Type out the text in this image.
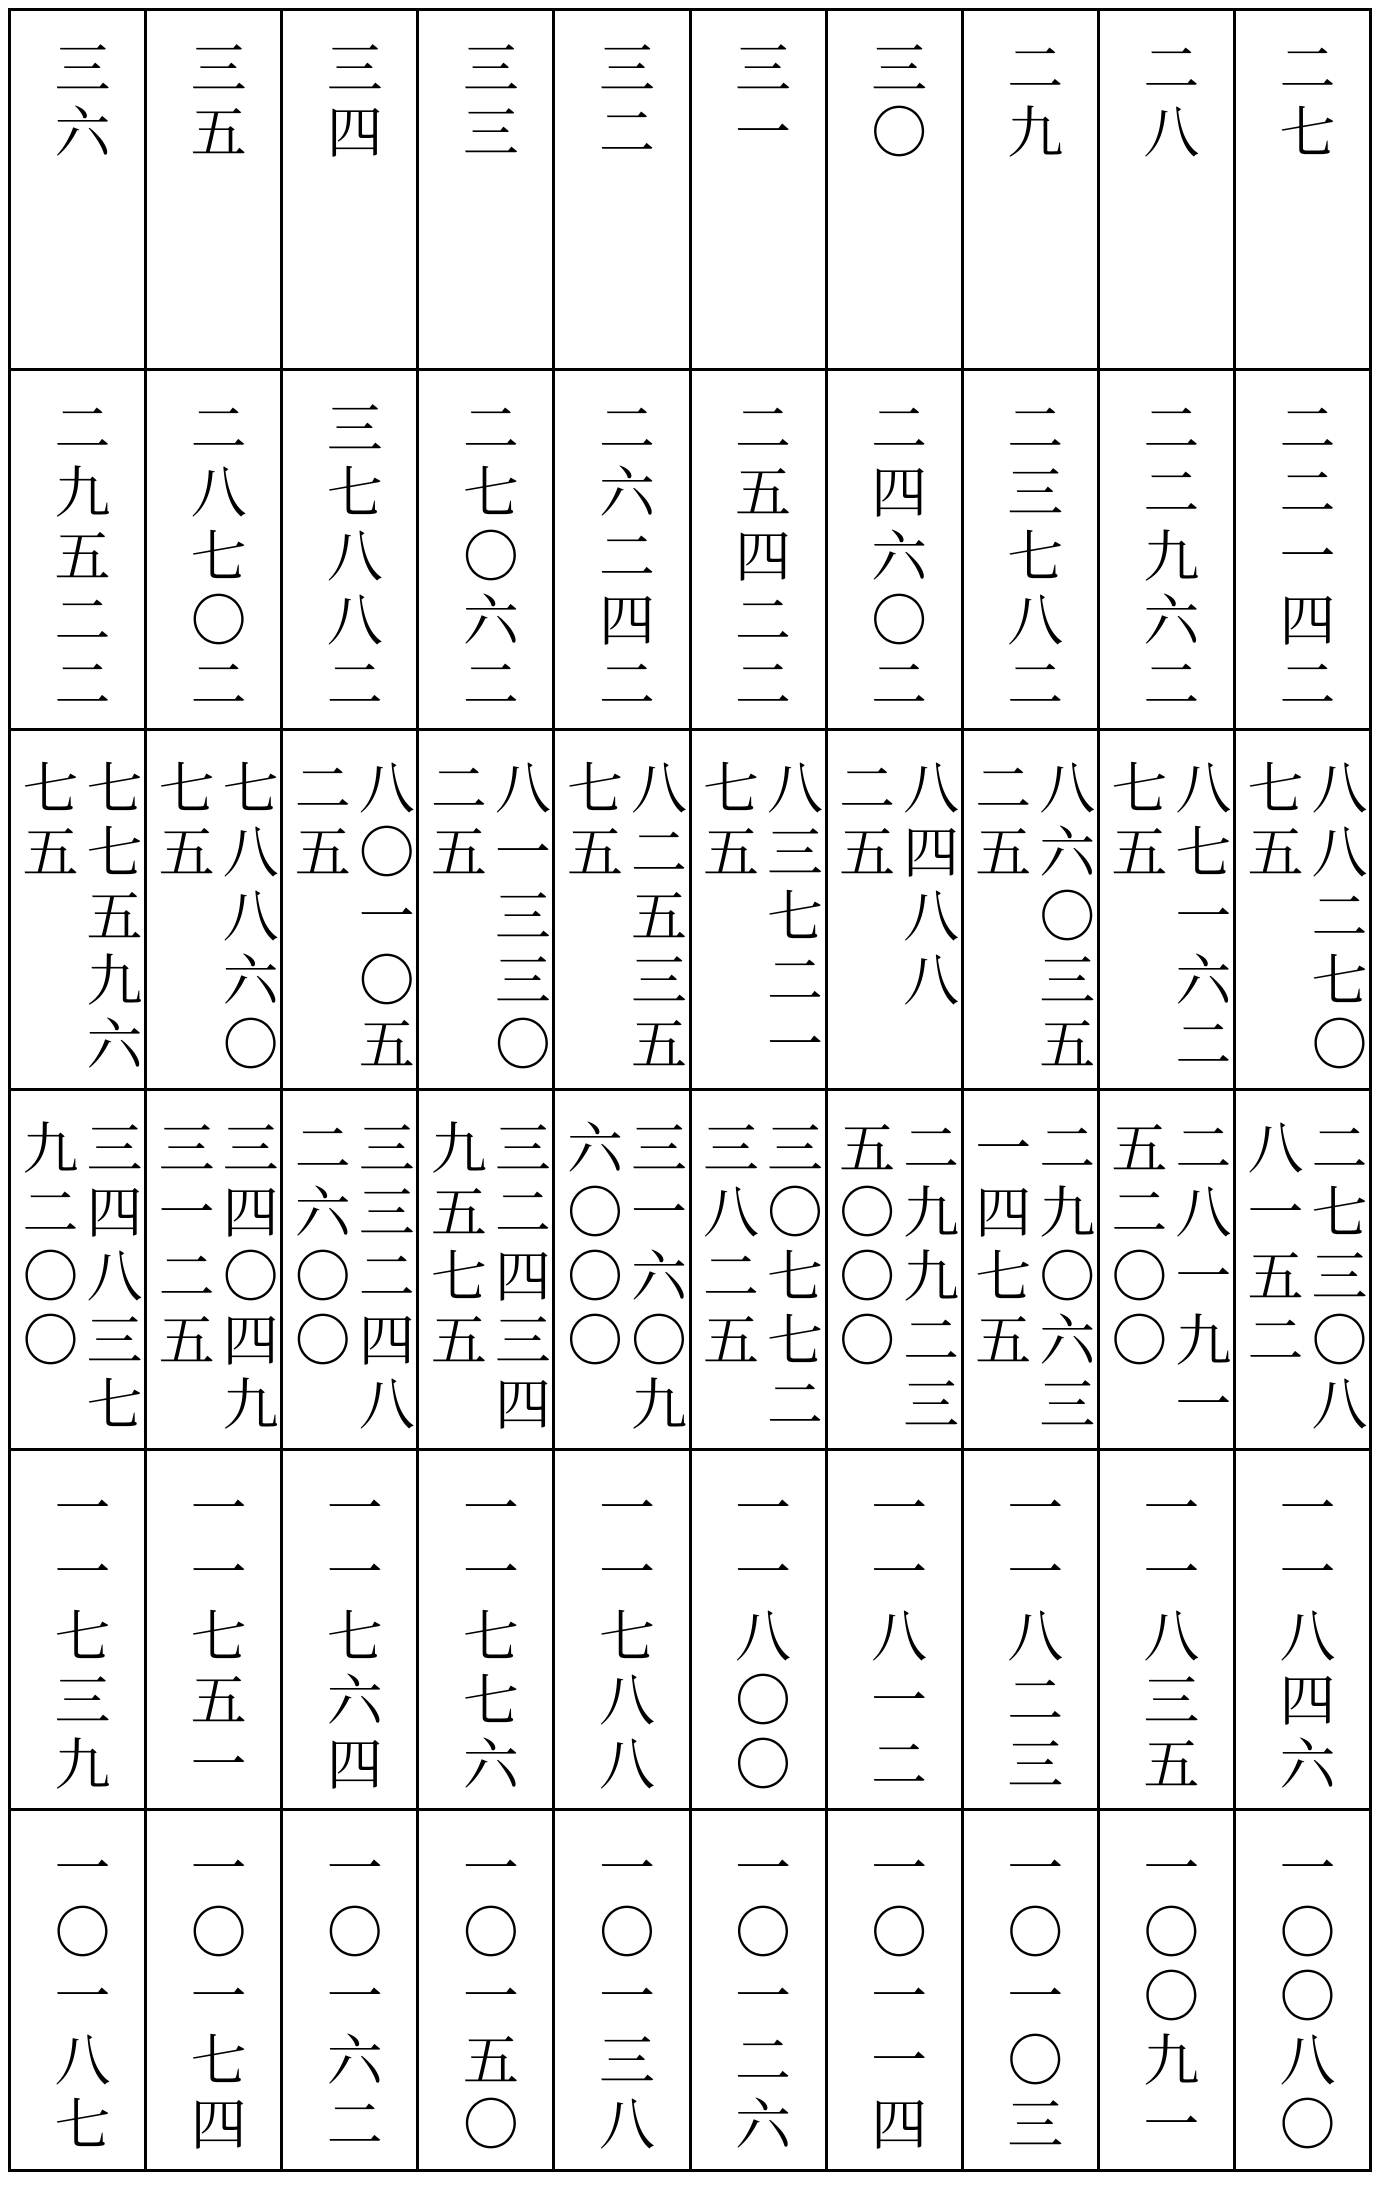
三六 三五 三四 三三 三二 三一 三〇 二九 二八 二七
二九五二二 二八七〇二 三七八八二 二七〇六二 二六二四二 二五四二二 二四六〇二 二三七八二 二二九六二 二二一四二
七七五九六
七五 七八八六〇
七五 八〇一〇五
二五 八一三三〇
二五 八二五三五
七五 八三七二一
七五 八四八八
二五 八六〇三五
二五 八七一六二
七五 八八二七〇
七五
三四八三七
九二〇〇 三四〇四九
三一二五 三三二四八
二六〇〇 三二四三四
九五七五 三一六〇九
六〇〇〇 三〇七七二
三八二五 二九九二三
五〇〇〇 二九〇六三
一四七五 二八一九一
五二〇〇 二七三〇八
八一五二
一一七三九 一一七五一 一一七六四 一一七七六 一一七八八 一一八〇〇 一一八一二 一一八二三 一一八三五 一一八四六
一〇一八七 一〇一七四 一〇一六二 一〇一五〇 一〇一三八 一〇一二六 一〇一一四 一〇一〇三 一〇〇九一 一〇〇八〇
